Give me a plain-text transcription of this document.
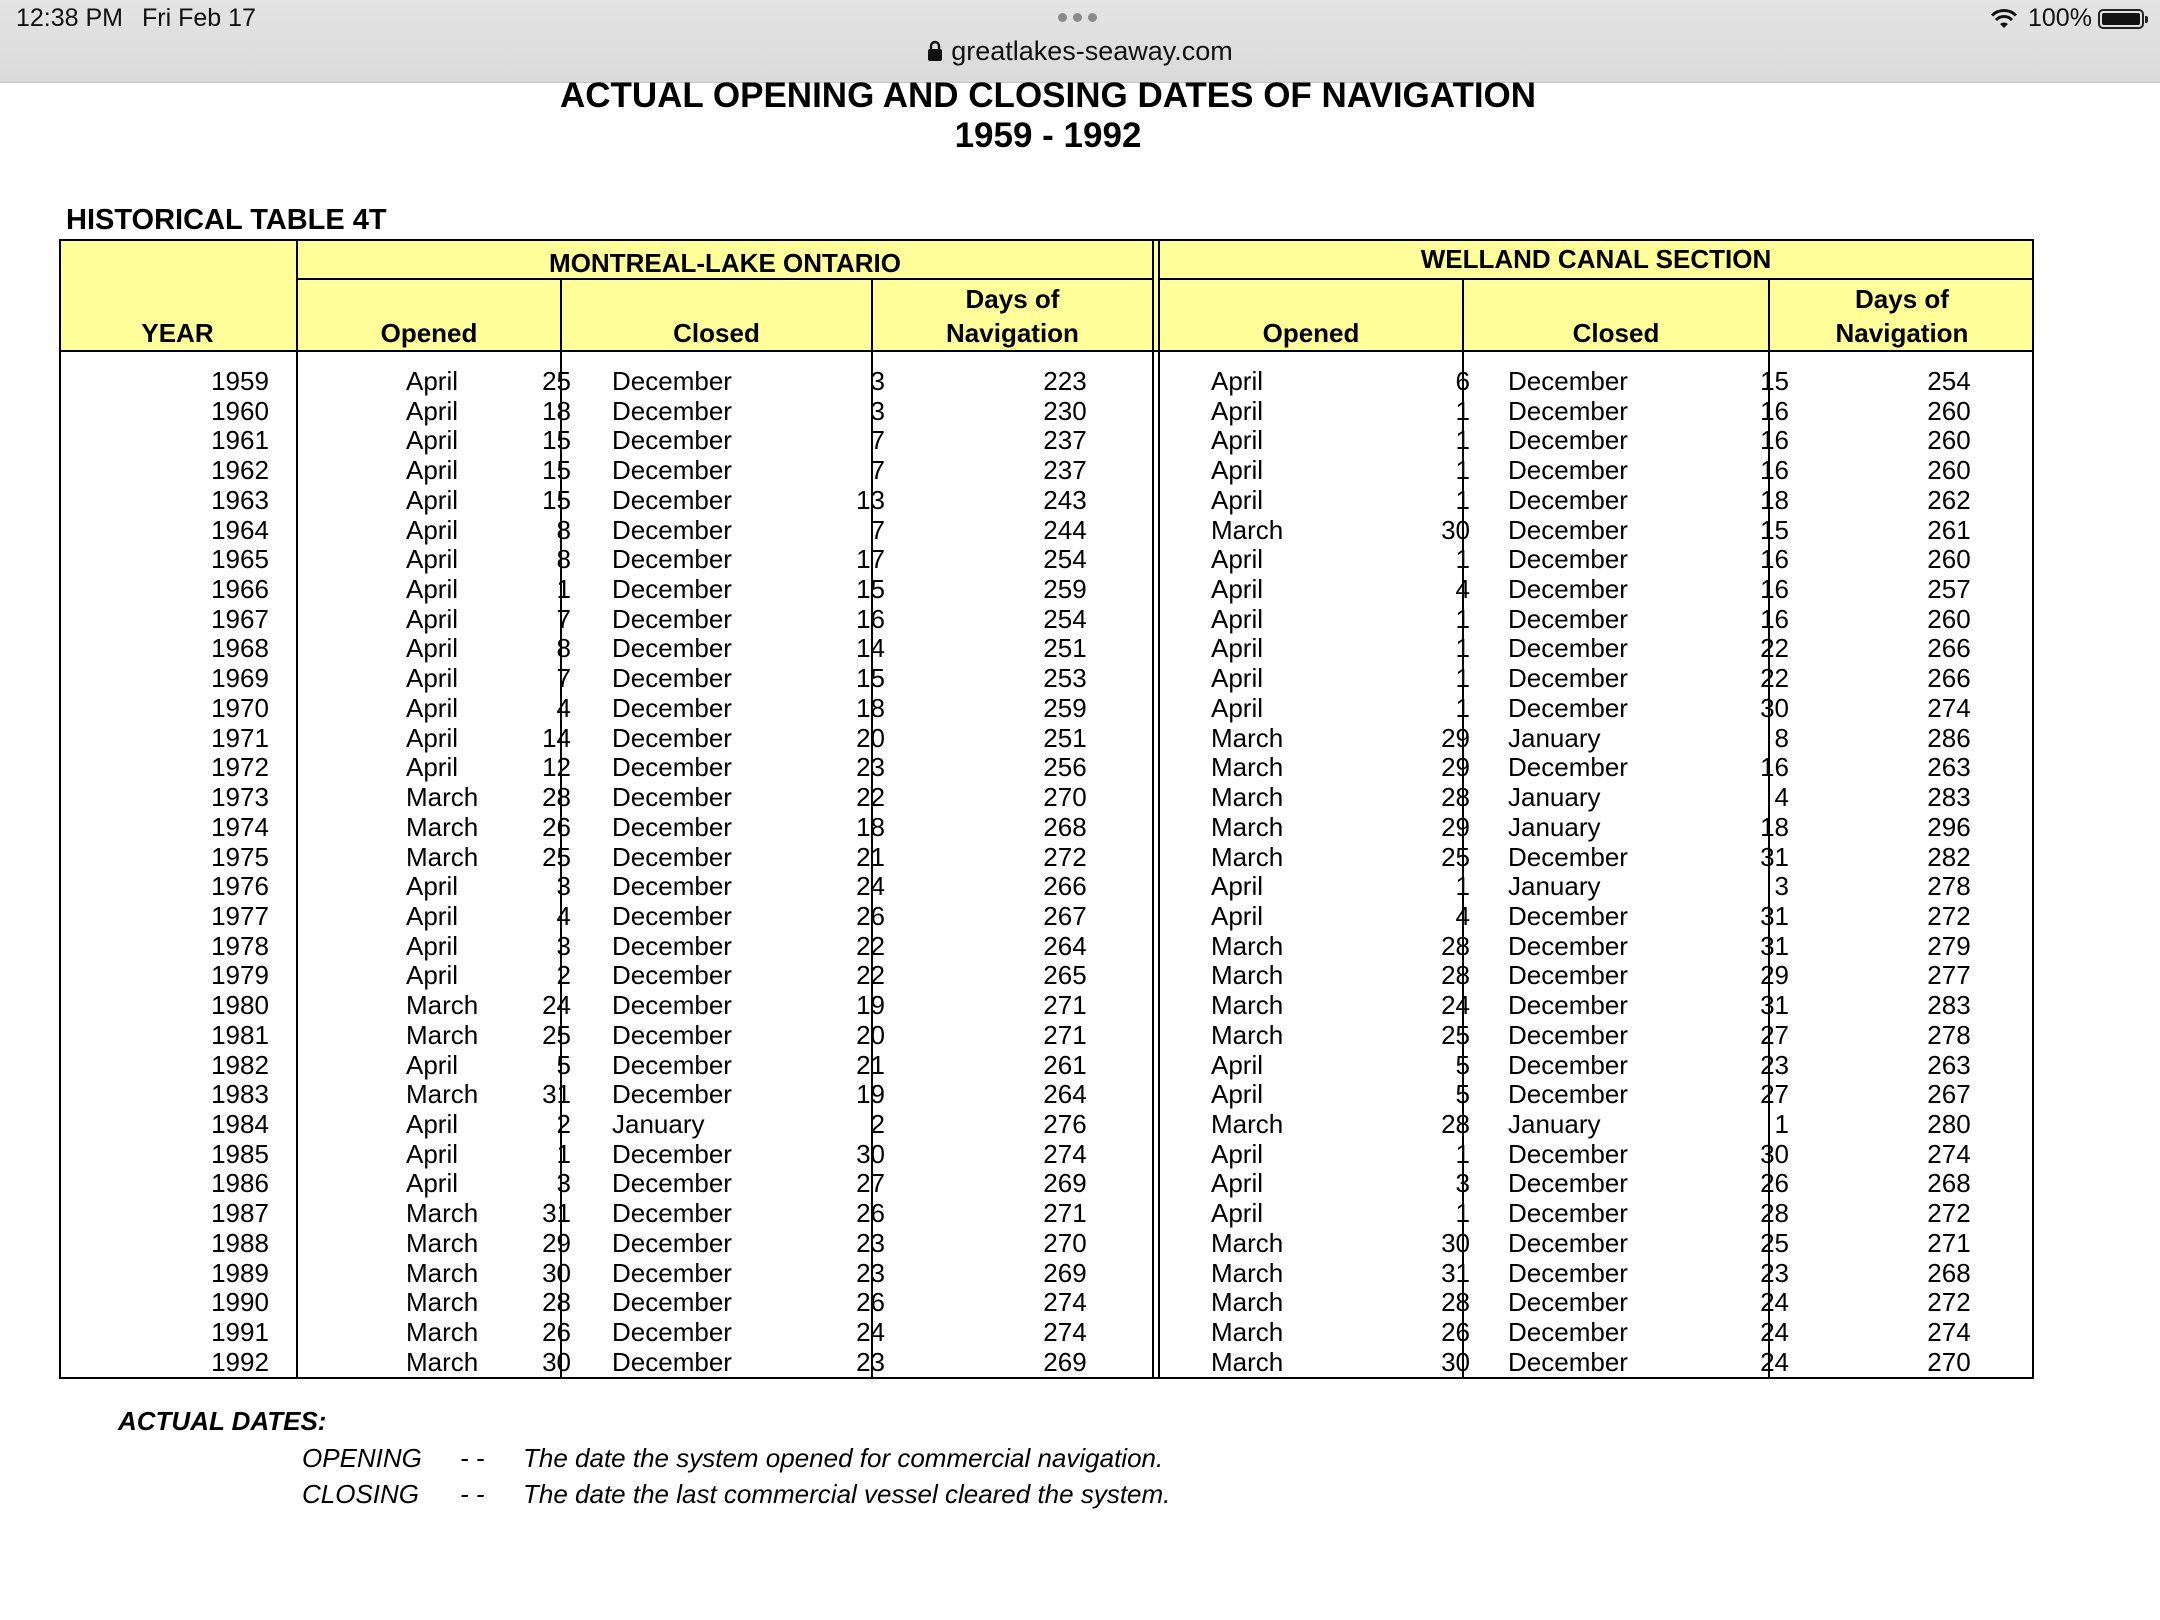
12:38 PM Fri Feb 17	100%
greatlakes-seaway.com
ACTUAL OPENING AND CLOSING DATES OF NAVIGATION
1959 - 1992
HISTORICAL TABLE 4T
MONTREAL-LAKE ONTARIO	WELLAND CANAL SECTION
YEAR	Opened	Closed
Days of
Navigation	Opened	Closed
Days of
Navigation
1959	April	25 December	3	223	April	6 December	15	254
1960	April	18 December	3	230	April	1 December	16	260
1961	April	15 December	7	237	April	1 December	16	260
1962	April	15 December	7	237	April	1 December	16	260
1963	April	15 December	13	243	April	1 December	18	262
1964	April	8 December	7	244	March	30 December	15	261
1965	April	8 December	17	254	April	1 December	16	260
1966	April	1 December	15	259	April	4 December	16	257
1967	April	7 December	16	254	April	1 December	16	260
1968	April	8 December	14	251	April	1 December	22	266
1969	April	7 December	15	253	April	1 December	22	266
1970	April	4 December	18	259	April	1 December	30	274
1971	April	14 December	20	251	March	29 January	8	286
1972	April	12 December	23	256	March	29 December	16	263
1973	March	28 December	22	270	March	28 January	4	283
1974	March	26 December	18	268	March	29 January	18	296
1975	March	25 December	21	272	March	25 December	31	282
1976	April	3 December	24	266	April	1 January	3	278
1977	April	4 December	26	267	April	4 December	31	272
1978	April	3 December	22	264	March	28 December	31	279
1979	April	2 December	22	265	March	28 December	29	277
1980	March	24 December	19	271	March	24 December	31	283
1981	March	25 December	20	271	March	25 December	27	278
1982	April	5 December	21	261	April	5 December	23	263
1983	March	31 December	19	264	April	5 December	27	267
1984	April	2 January	2	276	March	28 January	1	280
1985	April	1 December	30	274	April	1 December	30	274
1986	April	3 December	27	269	April	3 December	26	268
1987	March	31 December	26	271	April	1 December	28	272
1988	March	29 December	23	270	March	30 December	25	271
1989	March	30 December	23	269	March	31 December	23	268
1990	March	28 December	26	274	March	28 December	24	272
1991	March	26 December	24	274	March	26 December	24	274
1992	March	30 December	23	269	March	30 December	24	270
ACTUAL DATES:
OPENING - - The date the system opened for commercial navigation.
CLOSING - - The date the last commercial vessel cleared the system.
